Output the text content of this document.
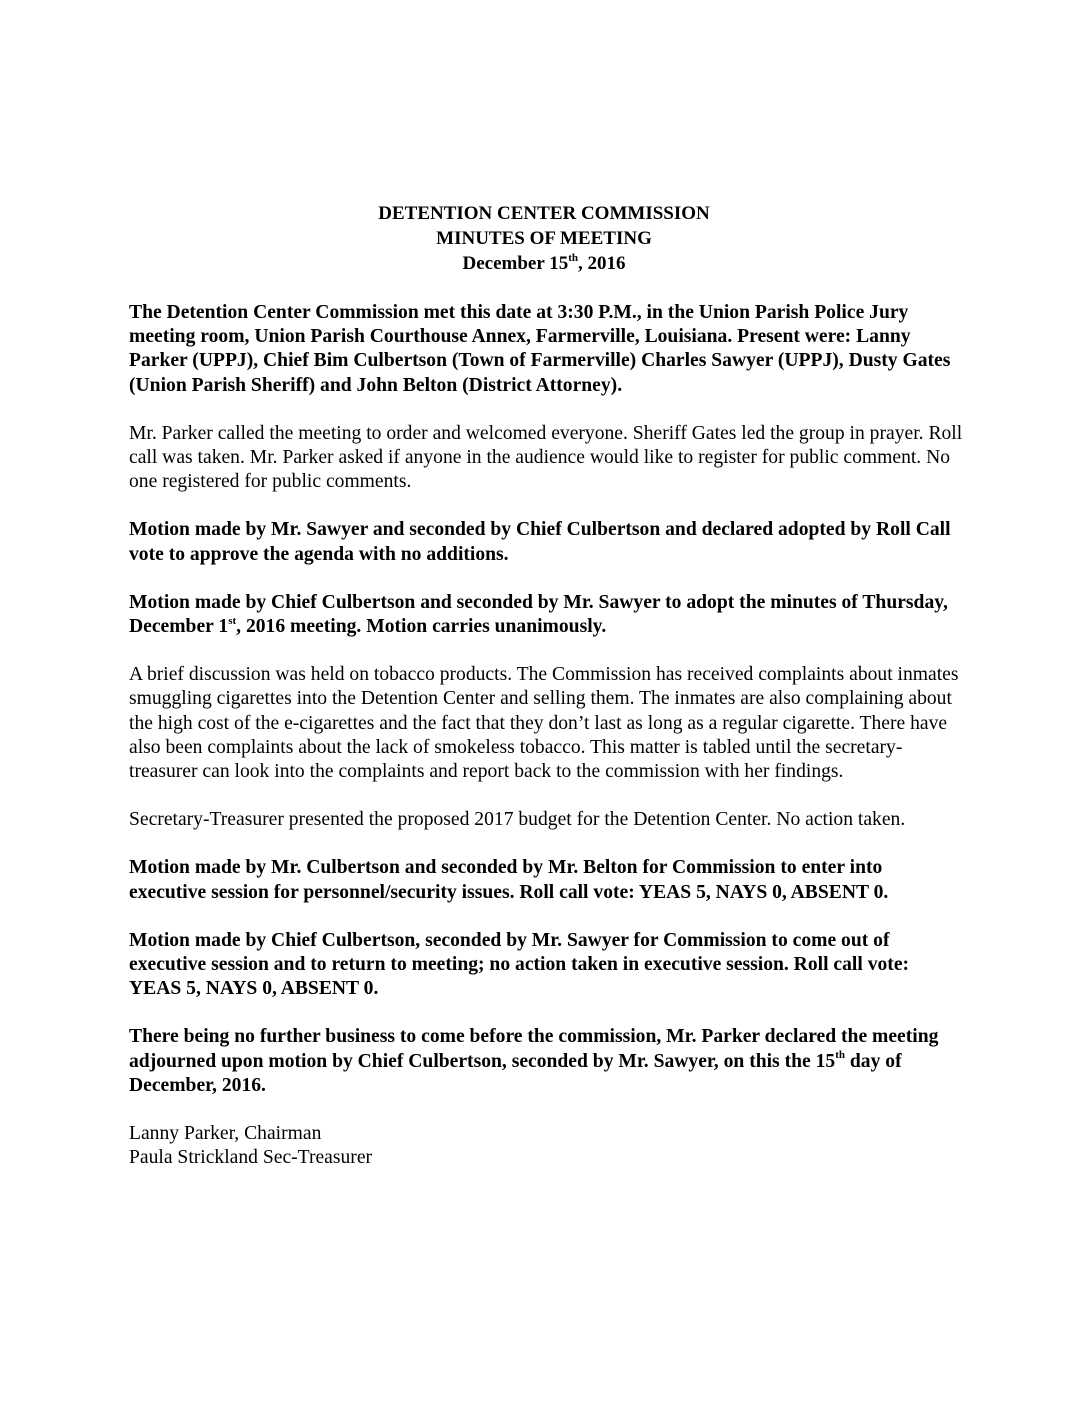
DETENTION CENTER COMMISSION
MINUTES OF MEETING
December 15th, 2016

The Detention Center Commission met this date at 3:30 P.M., in the Union Parish Police Jury meeting room, Union Parish Courthouse Annex, Farmerville, Louisiana. Present were: Lanny Parker (UPPJ), Chief Bim Culbertson (Town of Farmerville) Charles Sawyer (UPPJ), Dusty Gates (Union Parish Sheriff) and John Belton (District Attorney).

Mr. Parker called the meeting to order and welcomed everyone. Sheriff Gates led the group in prayer. Roll call was taken. Mr. Parker asked if anyone in the audience would like to register for public comment. No one registered for public comments.

Motion made by Mr. Sawyer and seconded by Chief Culbertson and declared adopted by Roll Call vote to approve the agenda with no additions.

Motion made by Chief Culbertson and seconded by Mr. Sawyer to adopt the minutes of Thursday, December 1st, 2016 meeting. Motion carries unanimously.

A brief discussion was held on tobacco products. The Commission has received complaints about inmates smuggling cigarettes into the Detention Center and selling them. The inmates are also complaining about the high cost of the e-cigarettes and the fact that they don’t last as long as a regular cigarette. There have also been complaints about the lack of smokeless tobacco. This matter is tabled until the secretary-treasurer can look into the complaints and report back to the commission with her findings.

Secretary-Treasurer presented the proposed 2017 budget for the Detention Center. No action taken.

Motion made by Mr. Culbertson and seconded by Mr. Belton for Commission to enter into executive session for personnel/security issues. Roll call vote: YEAS 5, NAYS 0, ABSENT 0.

Motion made by Chief Culbertson, seconded by Mr. Sawyer for Commission to come out of executive session and to return to meeting; no action taken in executive session. Roll call vote: YEAS 5, NAYS 0, ABSENT 0.

There being no further business to come before the commission, Mr. Parker declared the meeting adjourned upon motion by Chief Culbertson, seconded by Mr. Sawyer, on this the 15th day of December, 2016.

Lanny Parker, Chairman
Paula Strickland Sec-Treasurer
